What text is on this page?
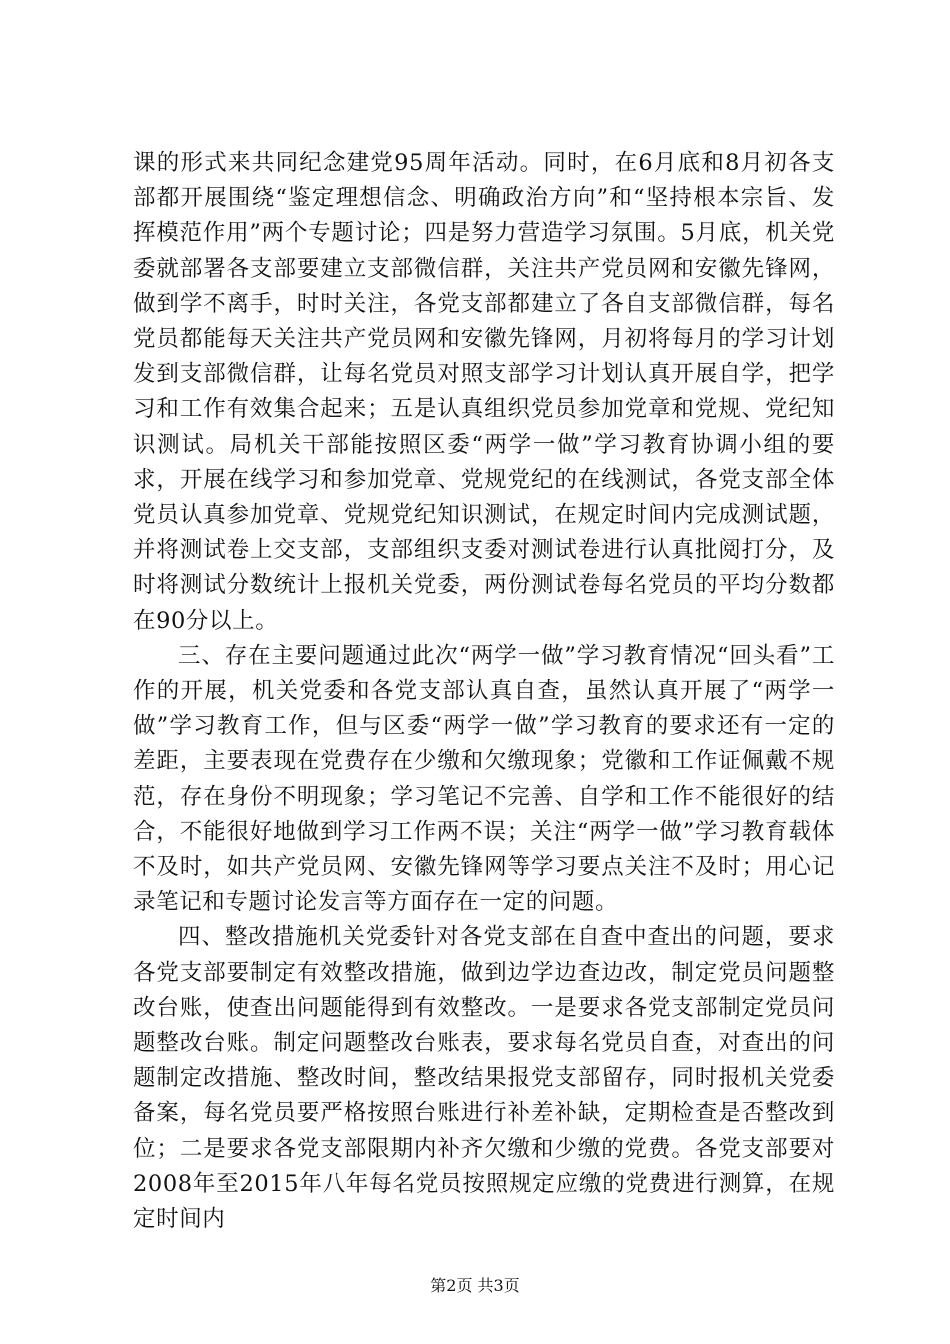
课的形式来共同纪念建党95周年活动。同时，在6月底和8月初各支部都开展围绕“鉴定理想信念、明确政治方向”和“坚持根本宗旨、发挥模范作用”两个专题讨论；四是努力营造学习氛围。5月底，机关党委就部署各支部要建立支部微信群，关注共产党员网和安徽先锋网，做到学不离手，时时关注，各党支部都建立了各自支部微信群，每名党员都能每天关注共产党员网和安徽先锋网，月初将每月的学习计划发到支部微信群，让每名党员对照支部学习计划认真开展自学，把学习和工作有效集合起来；五是认真组织党员参加党章和党规、党纪知识测试。局机关干部能按照区委“两学一做”学习教育协调小组的要求，开展在线学习和参加党章、党规党纪的在线测试，各党支部全体党员认真参加党章、党规党纪知识测试，在规定时间内完成测试题，并将测试卷上交支部，支部组织支委对测试卷进行认真批阅打分，及时将测试分数统计上报机关党委，两份测试卷每名党员的平均分数都在90分以上。

三、存在主要问题通过此次“两学一做”学习教育情况“回头看”工作的开展，机关党委和各党支部认真自查，虽然认真开展了“两学一做”学习教育工作，但与区委“两学一做”学习教育的要求还有一定的差距，主要表现在党费存在少缴和欠缴现象；党徽和工作证佩戴不规范，存在身份不明现象；学习笔记不完善、自学和工作不能很好的结合，不能很好地做到学习工作两不误；关注“两学一做”学习教育载体不及时，如共产党员网、安徽先锋网等学习要点关注不及时；用心记录笔记和专题讨论发言等方面存在一定的问题。

四、整改措施机关党委针对各党支部在自查中查出的问题，要求各党支部要制定有效整改措施，做到边学边查边改，制定党员问题整改台账，使查出问题能得到有效整改。一是要求各党支部制定党员问题整改台账。制定问题整改台账表，要求每名党员自查，对查出的问题制定改措施、整改时间，整改结果报党支部留存，同时报机关党委备案，每名党员要严格按照台账进行补差补缺，定期检查是否整改到位；二是要求各党支部限期内补齐欠缴和少缴的党费。各党支部要对2008年至2015年八年每名党员按照规定应缴的党费进行测算，在规定时间内

第2页 共3页
